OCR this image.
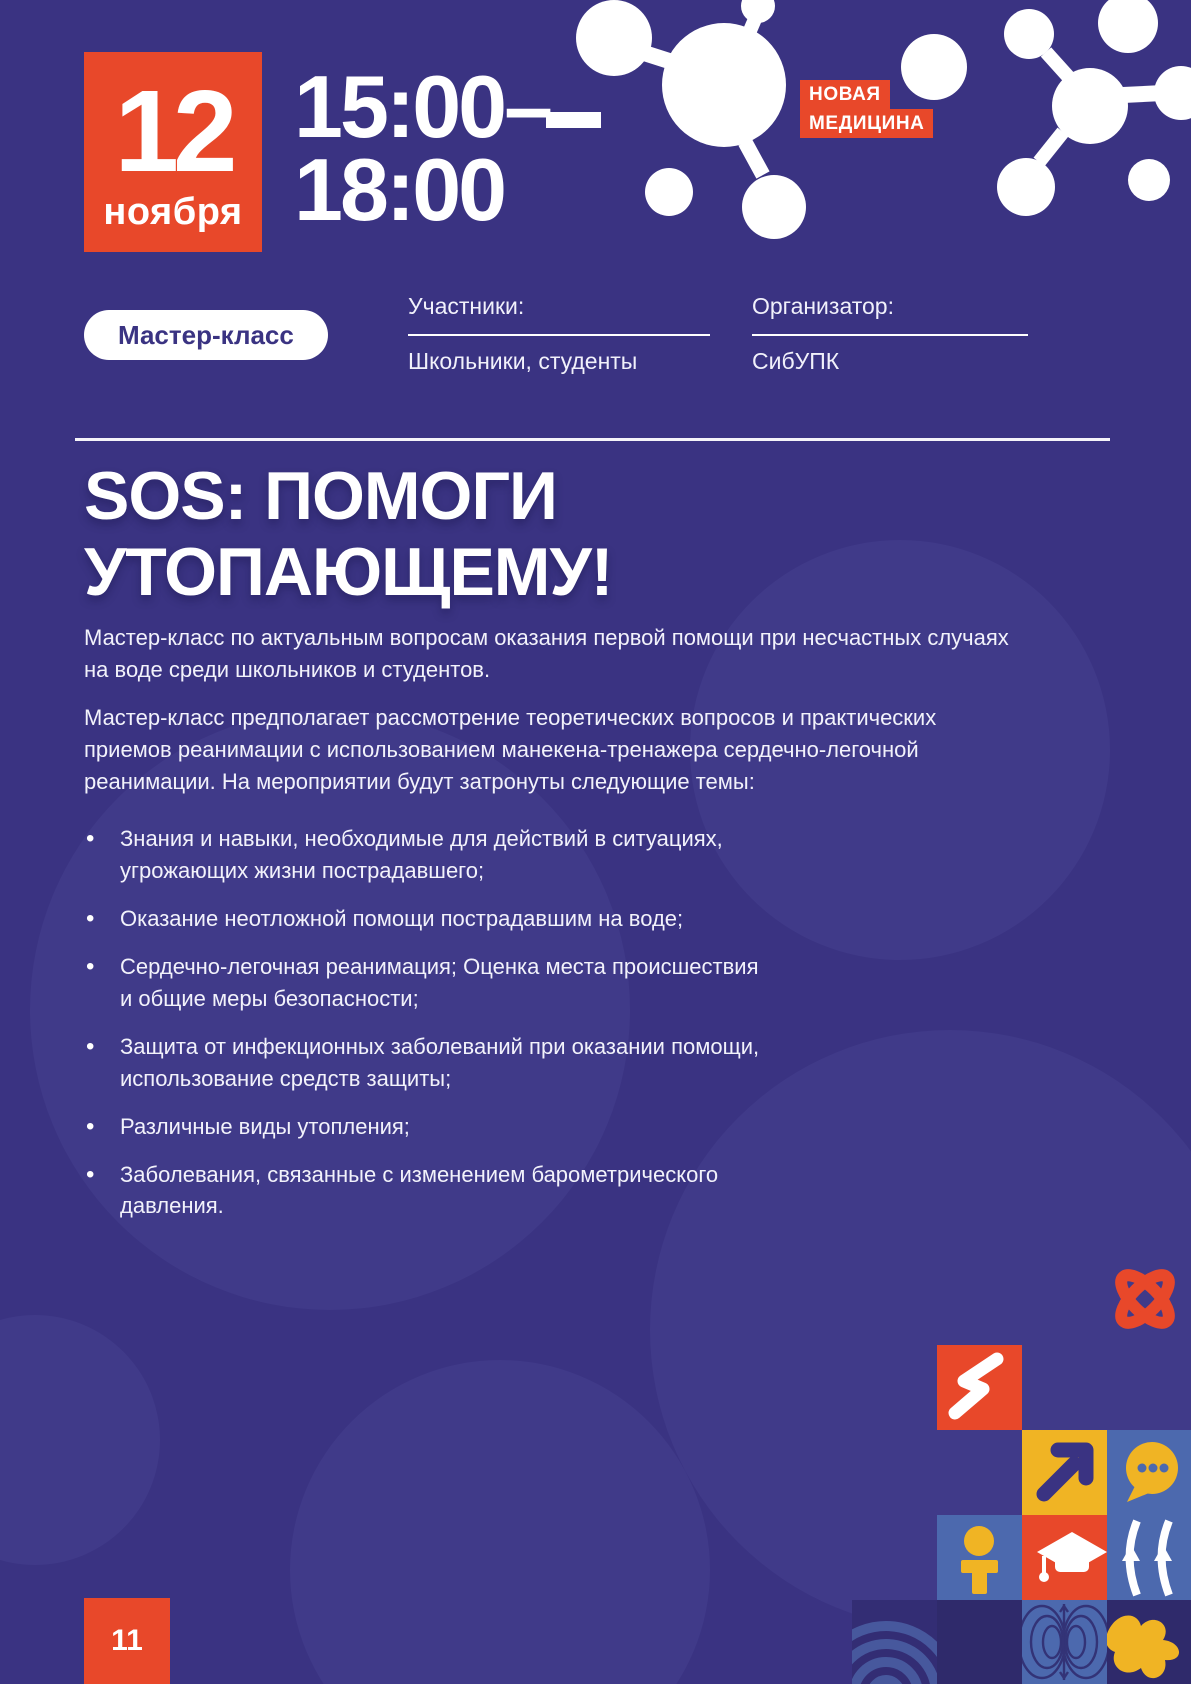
12
ноября
15:00–
18:00
НОВАЯ
МЕДИЦИНА
Мастер-класс
Участники:
Школьники, студенты
Организатор:
СибУПК
SOS: ПОМОГИ
УТОПАЮЩЕМУ!

Мастер-класс по актуальным вопросам оказания первой помощи при несчастных случаях на воде среди школьников и студентов.

Мастер-класс предполагает рассмотрение теоретических вопросов и практических приемов реанимации с использованием манекена-тренажера сердечно-легочной реанимации. На мероприятии будут затронуты следующие темы:

• Знания и навыки, необходимые для действий в ситуациях, угрожающих жизни пострадавшего;
• Оказание неотложной помощи пострадавшим на воде;
• Сердечно-легочная реанимация; Оценка места происшествия и общие меры безопасности;
• Защита от инфекционных заболеваний при оказании помощи, использование средств защиты;
• Различные виды утопления;
• Заболевания, связанные с изменением барометрического давления.
11
